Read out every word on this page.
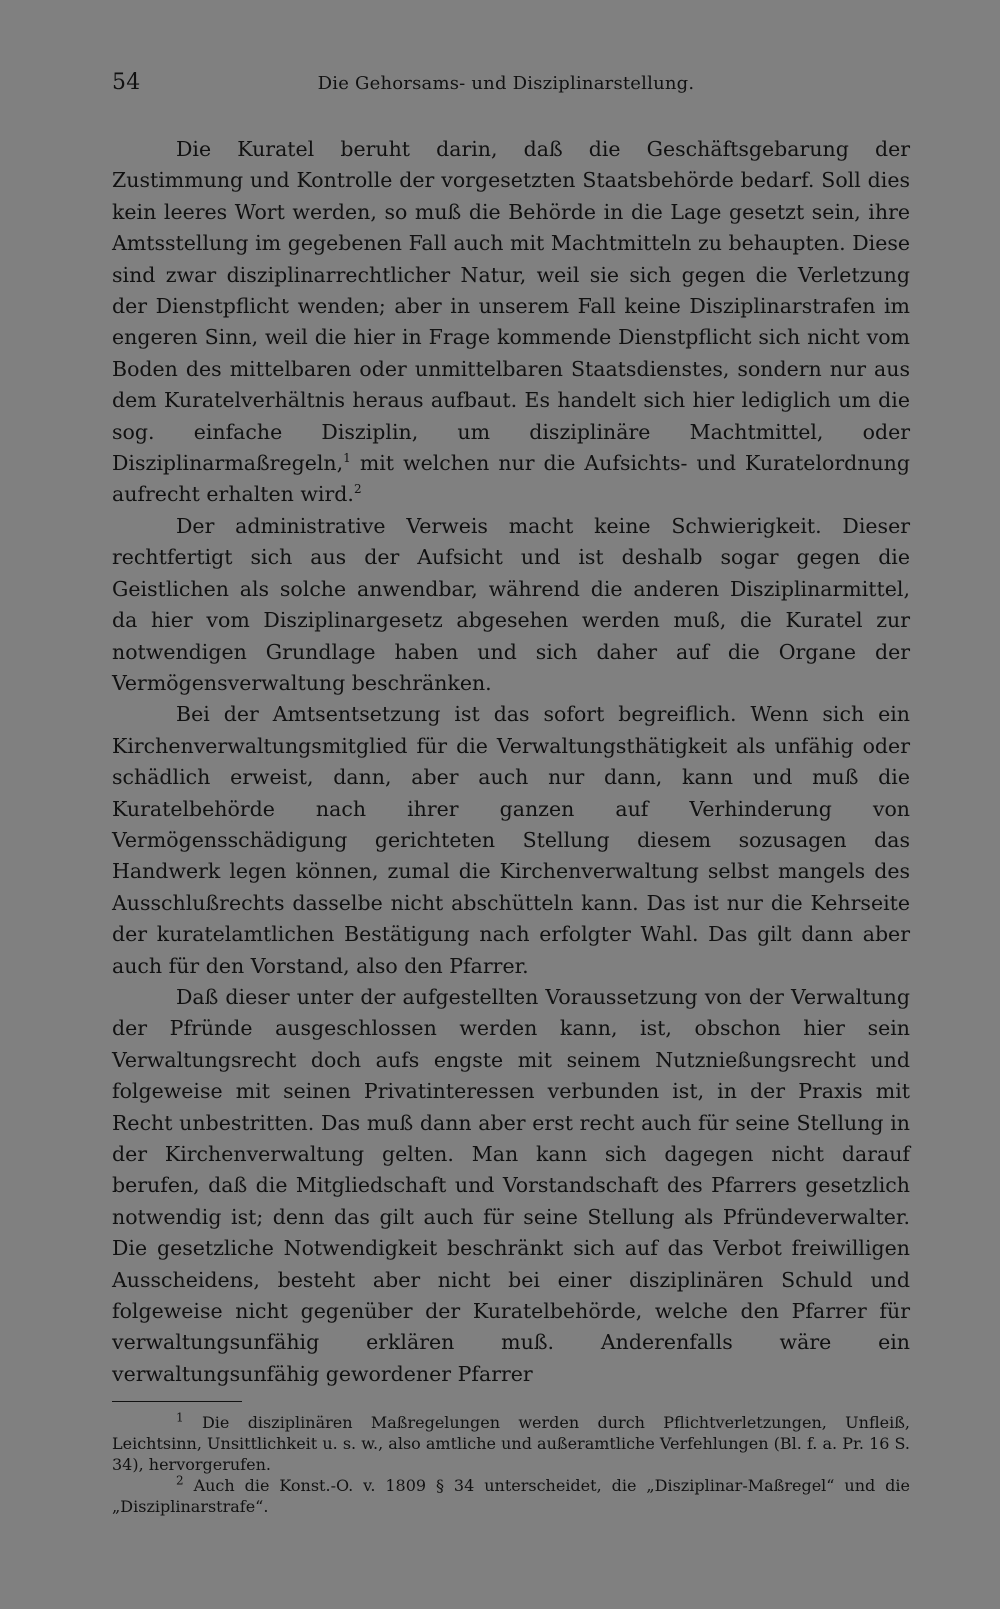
54	Die Gehorsams- und Disziplinarstellung.

Die Kuratel beruht darin, daß die Geschäftsgebarung der Zustimmung und Kontrolle der vorgesetzten Staatsbehörde bedarf. Soll dies kein leeres Wort werden, so muß die Behörde in die Lage gesetzt sein, ihre Amtsstellung im gegebenen Fall auch mit Machtmitteln zu behaupten. Diese sind zwar disziplinarrechtlicher Natur, weil sie sich gegen die Verletzung der Dienstpflicht wenden; aber in unserem Fall keine Disziplinarstrafen im engeren Sinn, weil die hier in Frage kommende Dienstpflicht sich nicht vom Boden des mittelbaren oder unmittelbaren Staatsdienstes, sondern nur aus dem Kuratelverhältnis heraus aufbaut. Es handelt sich hier lediglich um die sog. einfache Disziplin, um disziplinäre Machtmittel, oder Disziplinarmaßregeln,$^1$ mit welchen nur die Aufsichts- und Kuratelordnung aufrecht erhalten wird.$^2$

Der administrative Verweis macht keine Schwierigkeit. Dieser rechtfertigt sich aus der Aufsicht und ist deshalb sogar gegen die Geistlichen als solche anwendbar, während die anderen Disziplinarmittel, da hier vom Disziplinargesetz abgesehen werden muß, die Kuratel zur notwendigen Grundlage haben und sich daher auf die Organe der Vermögensverwaltung beschränken.

Bei der Amtsentsetzung ist das sofort begreiflich. Wenn sich ein Kirchenverwaltungsmitglied für die Verwaltungsthätigkeit als unfähig oder schädlich erweist, dann, aber auch nur dann, kann und muß die Kuratelbehörde nach ihrer ganzen auf Verhinderung von Vermögensschädigung gerichteten Stellung diesem sozusagen das Handwerk legen können, zumal die Kirchenverwaltung selbst mangels des Ausschlußrechts dasselbe nicht abschütteln kann. Das ist nur die Kehrseite der kuratelamtlichen Bestätigung nach erfolgter Wahl. Das gilt dann aber auch für den Vorstand, also den Pfarrer.

Daß dieser unter der aufgestellten Voraussetzung von der Verwaltung der Pfründe ausgeschlossen werden kann, ist, obschon hier sein Verwaltungsrecht doch aufs engste mit seinem Nutznießungsrecht und folgeweise mit seinen Privatinteressen verbunden ist, in der Praxis mit Recht unbestritten. Das muß dann aber erst recht auch für seine Stellung in der Kirchenverwaltung gelten. Man kann sich dagegen nicht darauf berufen, daß die Mitgliedschaft und Vorstandschaft des Pfarrers gesetzlich notwendig ist; denn das gilt auch für seine Stellung als Pfründeverwalter. Die gesetzliche Notwendigkeit beschränkt sich auf das Verbot freiwilligen Ausscheidens, besteht aber nicht bei einer disziplinären Schuld und folgeweise nicht gegenüber der Kuratelbehörde, welche den Pfarrer für verwaltungsunfähig erklären muß. Anderenfalls wäre ein verwaltungsunfähig gewordener Pfarrer

$^1$ Die disziplinären Maßregelungen werden durch Pflichtverletzungen, Unfleiß, Leichtsinn, Unsittlichkeit u. s. w., also amtliche und außeramtliche Verfehlungen (Bl. f. a. Pr. 16 S. 34), hervorgerufen.

$^2$ Auch die Konst.-O. v. 1809 § 34 unterscheidet, die „Disziplinar-Maßregel“ und die „Disziplinarstrafe“.
